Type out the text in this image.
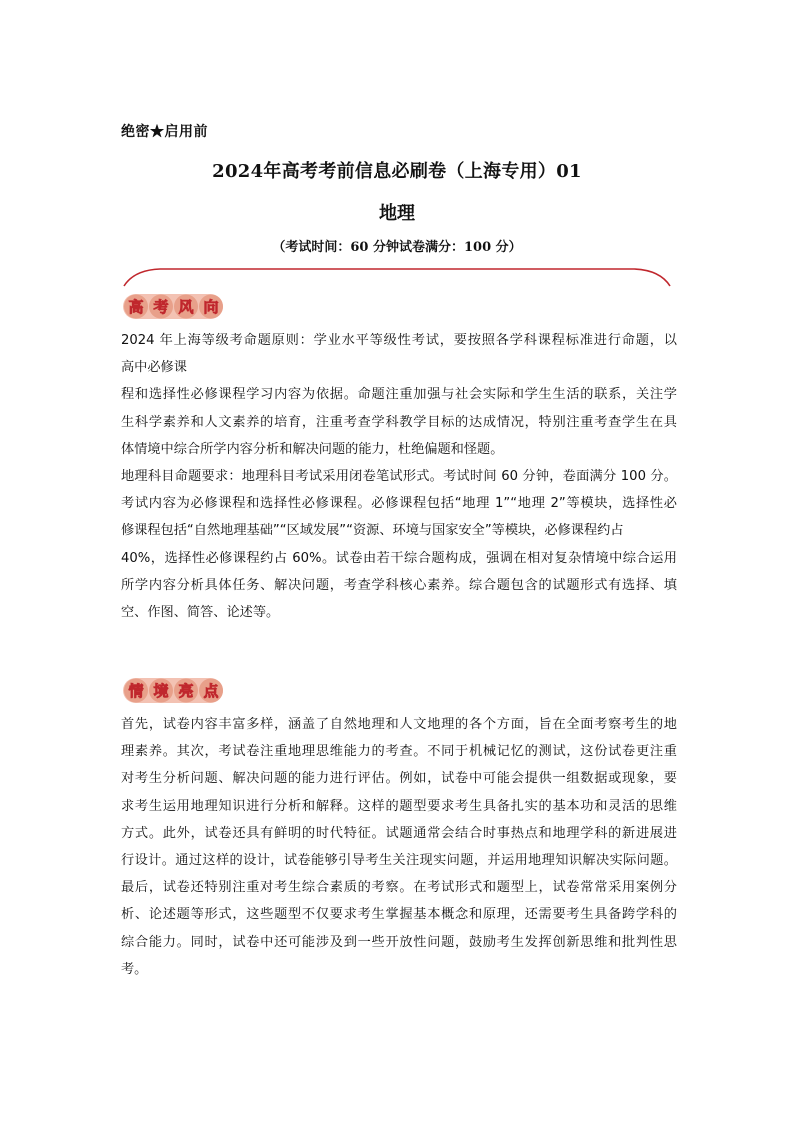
绝密★启用前
2024年高考考前信息必刷卷（上海专用）01
地理
（考试时间：60 分钟试卷满分：100 分）
高 考 风 向
2024 年上海等级考命题原则：学业水平等级性考试，要按照各学科课程标准进行命题，以
高中必修课
程和选择性必修课程学习内容为依据。命题注重加强与社会实际和学生生活的联系，关注学
生科学素养和人文素养的培育，注重考查学科教学目标的达成情况，特别注重考查学生在具
体情境中综合所学内容分析和解决问题的能力，杜绝偏题和怪题。
地理科目命题要求：地理科目考试采用闭卷笔试形式。考试时间 60 分钟，卷面满分 100 分。
考试内容为必修课程和选择性必修课程。必修课程包括“地理 1”“地理 2”等模块，选择性必
修课程包括“自然地理基础”“区域发展”“资源、环境与国家安全”等模块，必修课程约占
40%，选择性必修课程约占 60%。试卷由若干综合题构成，强调在相对复杂情境中综合运用
所学内容分析具体任务、解决问题，考查学科核心素养。综合题包含的试题形式有选择、填
空、作图、简答、论述等。
情 境 亮 点
首先，试卷内容丰富多样，涵盖了自然地理和人文地理的各个方面，旨在全面考察考生的地
理素养。其次，考试卷注重地理思维能力的考查。不同于机械记忆的测试，这份试卷更注重
对考生分析问题、解决问题的能力进行评估。例如，试卷中可能会提供一组数据或现象，要
求考生运用地理知识进行分析和解释。这样的题型要求考生具备扎实的基本功和灵活的思维
方式。此外，试卷还具有鲜明的时代特征。试题通常会结合时事热点和地理学科的新进展进
行设计。通过这样的设计，试卷能够引导考生关注现实问题，并运用地理知识解决实际问题。
最后，试卷还特别注重对考生综合素质的考察。在考试形式和题型上，试卷常常采用案例分
析、论述题等形式，这些题型不仅要求考生掌握基本概念和原理，还需要考生具备跨学科的
综合能力。同时，试卷中还可能涉及到一些开放性问题，鼓励考生发挥创新思维和批判性思
考。
